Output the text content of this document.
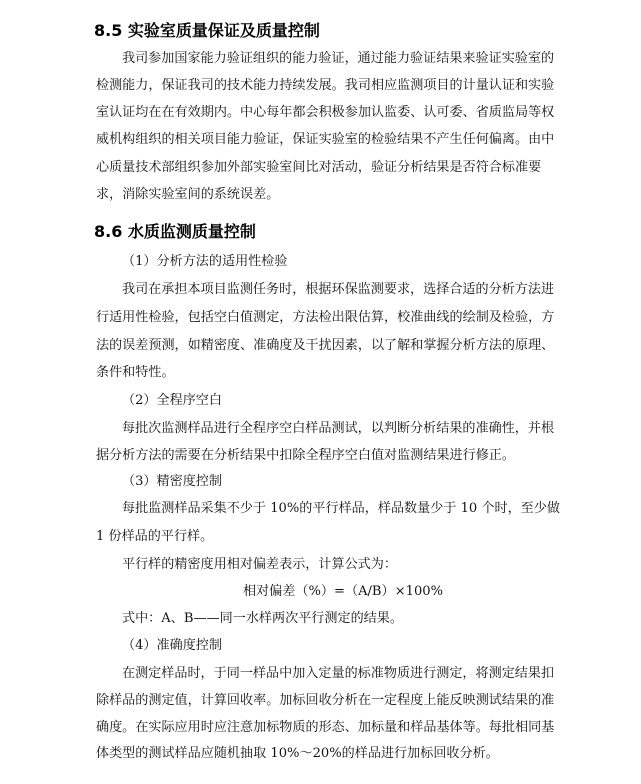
8.5 实验室质量保证及质量控制
我司参加国家能力验证组织的能力验证，通过能力验证结果来验证实验室的
检测能力，保证我司的技术能力持续发展。我司相应监测项目的计量认证和实验
室认证均在在有效期内。中心每年都会积极参加认监委、认可委、省质监局等权
威机构组织的相关项目能力验证，保证实验室的检验结果不产生任何偏离。由中
心质量技术部组织参加外部实验室间比对活动，验证分析结果是否符合标准要
求，消除实验室间的系统误差。
8.6 水质监测质量控制
（1）分析方法的适用性检验
我司在承担本项目监测任务时，根据环保监测要求，选择合适的分析方法进
行适用性检验，包括空白值测定，方法检出限估算，校准曲线的绘制及检验，方
法的误差预测，如精密度、准确度及干扰因素，以了解和掌握分析方法的原理、
条件和特性。
（2）全程序空白
每批次监测样品进行全程序空白样品测试，以判断分析结果的准确性，并根
据分析方法的需要在分析结果中扣除全程序空白值对监测结果进行修正。
（3）精密度控制
每批监测样品采集不少于 10%的平行样品，样品数量少于 10 个时，至少做
1 份样品的平行样。
平行样的精密度用相对偏差表示，计算公式为：
相对偏差（%）=（A/B）×100%
式中：A、B——同一水样两次平行测定的结果。
（4）准确度控制
在测定样品时，于同一样品中加入定量的标准物质进行测定，将测定结果扣
除样品的测定值，计算回收率。加标回收分析在一定程度上能反映测试结果的准
确度。在实际应用时应注意加标物质的形态、加标量和样品基体等。每批相同基
体类型的测试样品应随机抽取 10%～20%的样品进行加标回收分析。
